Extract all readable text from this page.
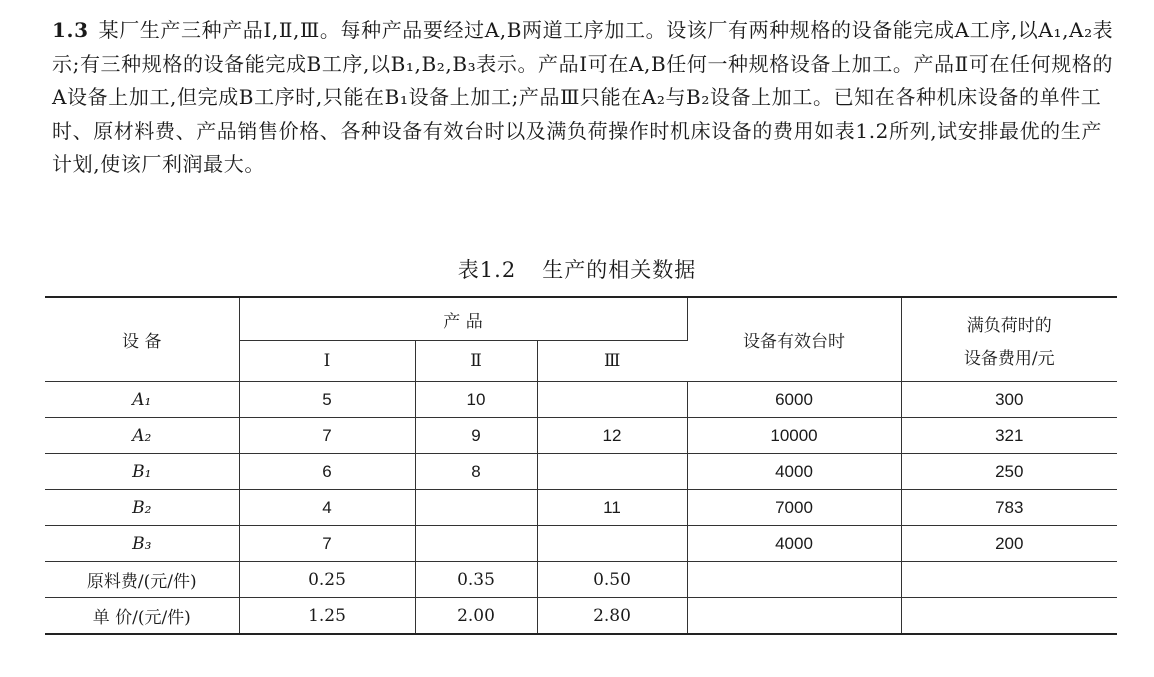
1.3 某厂生产三种产品Ⅰ,Ⅱ,Ⅲ。每种产品要经过A,B两道工序加工。设该厂有两种规格的设备能完成A工序,以A₁,A₂表示;有三种规格的设备能完成B工序,以B₁,B₂,B₃表示。产品Ⅰ可在A,B任何一种规格设备上加工。产品Ⅱ可在任何规格的A设备上加工,但完成B工序时,只能在B₁设备上加工;产品Ⅲ只能在A₂与B₂设备上加工。已知在各种机床设备的单件工时、原材料费、产品销售价格、各种设备有效台时以及满负荷操作时机床设备的费用如表1.2所列,试安排最优的生产计划,使该厂利润最大。

表1.2 生产的相关数据
设 备	产 品			设备有效台时	满负荷时的
设备费用/元

	Ⅰ	Ⅱ	Ⅲ		
A₁	5	10		6000	300
A₂	7	9	12	10000	321
B₁	6	8		4000	250
B₂	4		11	7000	783
B₃	7			4000	200
原料费/(元/件)	0.25	0.35	0.50		
单 价/(元/件)	1.25	2.00	2.80		
